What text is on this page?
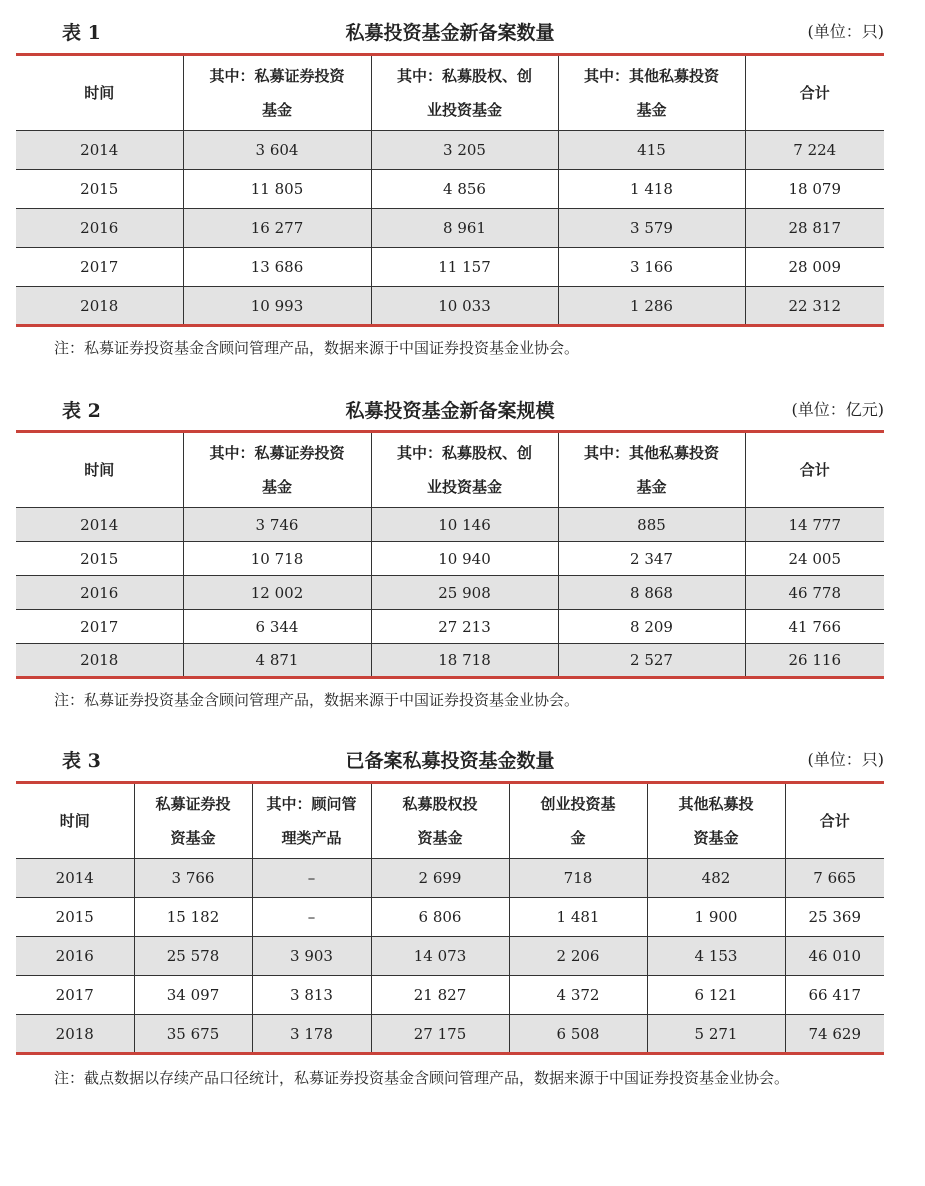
表 1	私募投资基金新备案数量	(单位：只)
时间	其中：私募证券投资基金	其中：私募股权、创业投资基金	其中：其他私募投资基金	合计
2014	3 604	3 205	415	7 224
2015	11 805	4 856	1 418	18 079
2016	16 277	8 961	3 579	28 817
2017	13 686	11 157	3 166	28 009
2018	10 993	10 033	1 286	22 312
注：私募证券投资基金含顾问管理产品，数据来源于中国证券投资基金业协会。
表 2	私募投资基金新备案规模	(单位：亿元)
时间	其中：私募证券投资基金	其中：私募股权、创业投资基金	其中：其他私募投资基金	合计
2014	3 746	10 146	885	14 777
2015	10 718	10 940	2 347	24 005
2016	12 002	25 908	8 868	46 778
2017	6 344	27 213	8 209	41 766
2018	4 871	18 718	2 527	26 116
注：私募证券投资基金含顾问管理产品，数据来源于中国证券投资基金业协会。
表 3	已备案私募投资基金数量	(单位：只)
时间	私募证券投资基金	其中：顾问管理类产品	私募股权投资基金	创业投资基金	其他私募投资基金	合计
2014	3 766	–	2 699	718	482	7 665
2015	15 182	–	6 806	1 481	1 900	25 369
2016	25 578	3 903	14 073	2 206	4 153	46 010
2017	34 097	3 813	21 827	4 372	6 121	66 417
2018	35 675	3 178	27 175	6 508	5 271	74 629
注：截点数据以存续产品口径统计，私募证券投资基金含顾问管理产品，数据来源于中国证券投资基金业协会。
